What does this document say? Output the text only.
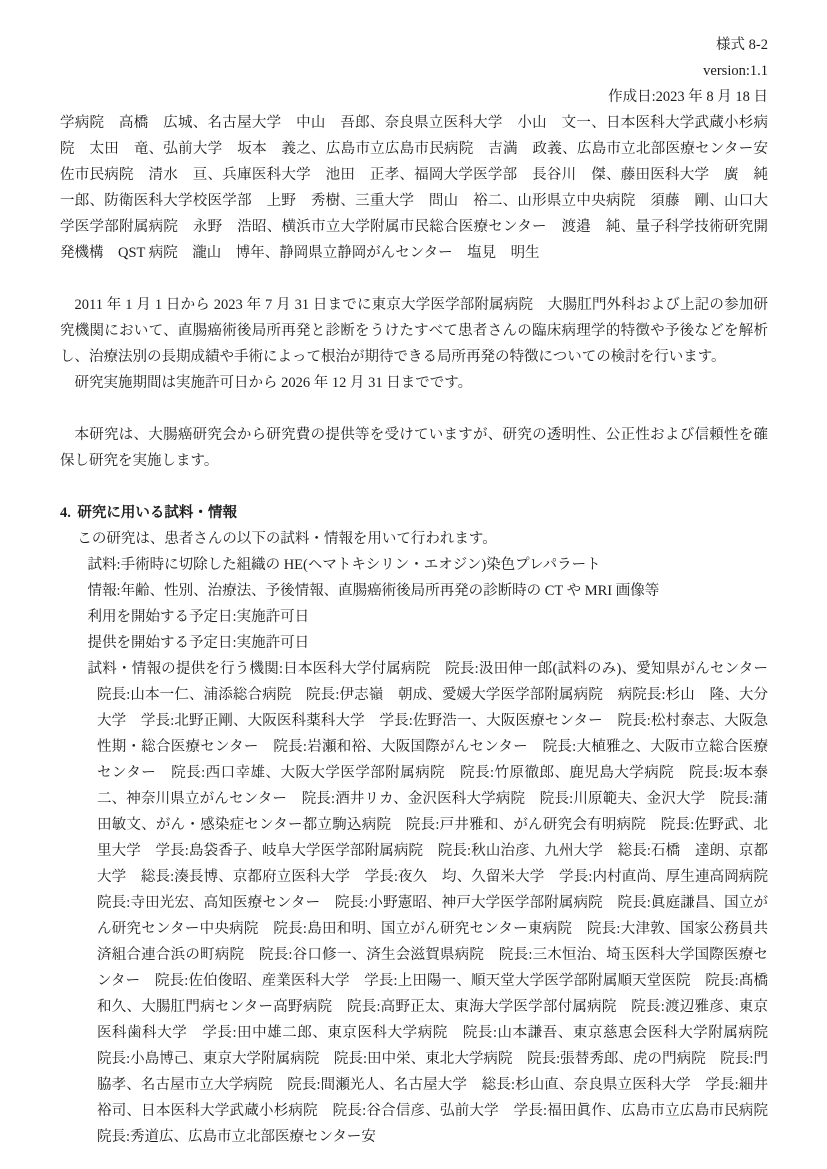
様式 8-2
version:1.1
作成日:2023 年 8 月 18 日

学病院　高橋　広城、名古屋大学　中山　吾郎、奈良県立医科大学　小山　文一、日本医科大学武蔵小杉病院　太田　竜、弘前大学　坂本　義之、広島市立広島市民病院　吉満　政義、広島市立北部医療センター安佐市民病院　清水　亘、兵庫医科大学　池田　正孝、福岡大学医学部　長谷川　傑、藤田医科大学　廣　純一郎、防衛医科大学校医学部　上野　秀樹、三重大学　問山　裕二、山形県立中央病院　須藤　剛、山口大学医学部附属病院　永野　浩昭、横浜市立大学附属市民総合医療センター　渡邉　純、量子科学技術研究開発機構　QST 病院　瀧山　博年、静岡県立静岡がんセンター　塩見　明生

2011 年 1 月 1 日から 2023 年 7 月 31 日までに東京大学医学部附属病院　大腸肛門外科および上記の参加研究機関において、直腸癌術後局所再発と診断をうけたすべて患者さんの臨床病理学的特徴や予後などを解析し、治療法別の長期成績や手術によって根治が期待できる局所再発の特徴についての検討を行います。

研究実施期間は実施許可日から 2026 年 12 月 31 日までです。

本研究は、大腸癌研究会から研究費の提供等を受けていますが、研究の透明性、公正性および信頼性を確保し研究を実施します。

4. 研究に用いる試料・情報

この研究は、患者さんの以下の試料・情報を用いて行われます。

試料:手術時に切除した組織の HE(ヘマトキシリン・エオジン)染色プレパラート

情報:年齢、性別、治療法、予後情報、直腸癌術後局所再発の診断時の CT や MRI 画像等

利用を開始する予定日:実施許可日

提供を開始する予定日:実施許可日

試料・情報の提供を行う機関:日本医科大学付属病院　院長:汲田伸一郎(試料のみ)、愛知県がんセンター　院長:山本一仁、浦添総合病院　院長:伊志嶺　朝成、愛媛大学医学部附属病院　病院長:杉山　隆、大分大学　学長:北野正剛、大阪医科薬科大学　学長:佐野浩一、大阪医療センター　院長:松村泰志、大阪急性期・総合医療センター　院長:岩瀬和裕、大阪国際がんセンター　院長:大植雅之、大阪市立総合医療センター　院長:西口幸雄、大阪大学医学部附属病院　院長:竹原徹郎、鹿児島大学病院　院長:坂本泰二、神奈川県立がんセンター　院長:酒井リカ、金沢医科大学病院　院長:川原範夫、金沢大学　院長:蒲田敏文、がん・感染症センター都立駒込病院　院長:戸井雅和、がん研究会有明病院　院長:佐野武、北里大学　学長:島袋香子、岐阜大学医学部附属病院　院長:秋山治彦、九州大学　総長:石橋　達朗、京都大学　総長:湊長博、京都府立医科大学　学長:夜久　均、久留米大学　学長:内村直尚、厚生連高岡病院　院長:寺田光宏、高知医療センター　院長:小野憲昭、神戸大学医学部附属病院　院長:眞庭謙昌、国立がん研究センター中央病院　院長:島田和明、国立がん研究センター東病院　院長:大津敦、国家公務員共済組合連合浜の町病院　院長:谷口修一、済生会滋賀県病院　院長:三木恒治、埼玉医科大学国際医療センター　院長:佐伯俊昭、産業医科大学　学長:上田陽一、順天堂大学医学部附属順天堂医院　院長:髙橋和久、大腸肛門病センター高野病院　院長:高野正太、東海大学医学部付属病院　院長:渡辺雅彦、東京医科歯科大学　学長:田中雄二郎、東京医科大学病院　院長:山本謙吾、東京慈恵会医科大学附属病院　院長:小島博己、東京大学附属病院　院長:田中栄、東北大学病院　院長:張替秀郎、虎の門病院　院長:門脇孝、名古屋市立大学病院　院長:間瀬光人、名古屋大学　総長:杉山直、奈良県立医科大学　学長:細井裕司、日本医科大学武蔵小杉病院　院長:谷合信彦、弘前大学　学長:福田眞作、広島市立広島市民病院　院長:秀道広、広島市立北部医療センター安
